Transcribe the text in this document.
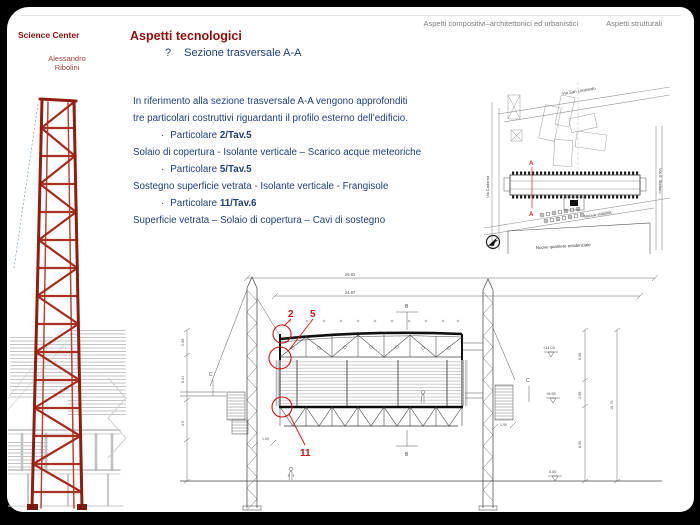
Science Center
Alessandro
Ribolini
Aspetti compositivi–architettonici ed urbanistici	Aspetti strutturali
Aspetti tecnologici
? Sezione trasversale A-A
In riferimento alla sezione trasversale A-A vengono approfonditi
tre particolari costruttivi riguardanti il profilo esterno dell’edificio.
· Particolare 2/Tav.5
Solaio di copertura - Isolante verticale – Scarico acque meteoriche
· Particolare 5/Tav.5
Sostegno superficie vetrata - Isolante verticale - Frangisole
· Particolare 11/Tav.6
Superficie vetrata – Solaio di copertura – Cavi di sostegno
Via San Leonardo
Via Cadorna	Via S. Stefano
Nuova viabilità
A
A
Nuovo quartiere residenziale
29.81
24.87
2.98
5.41
4.9
C
1.50
1.50
B
B
C
+14.03
+8.95
0.00
5.08
2.98
8.95
15.75
2 5
11
